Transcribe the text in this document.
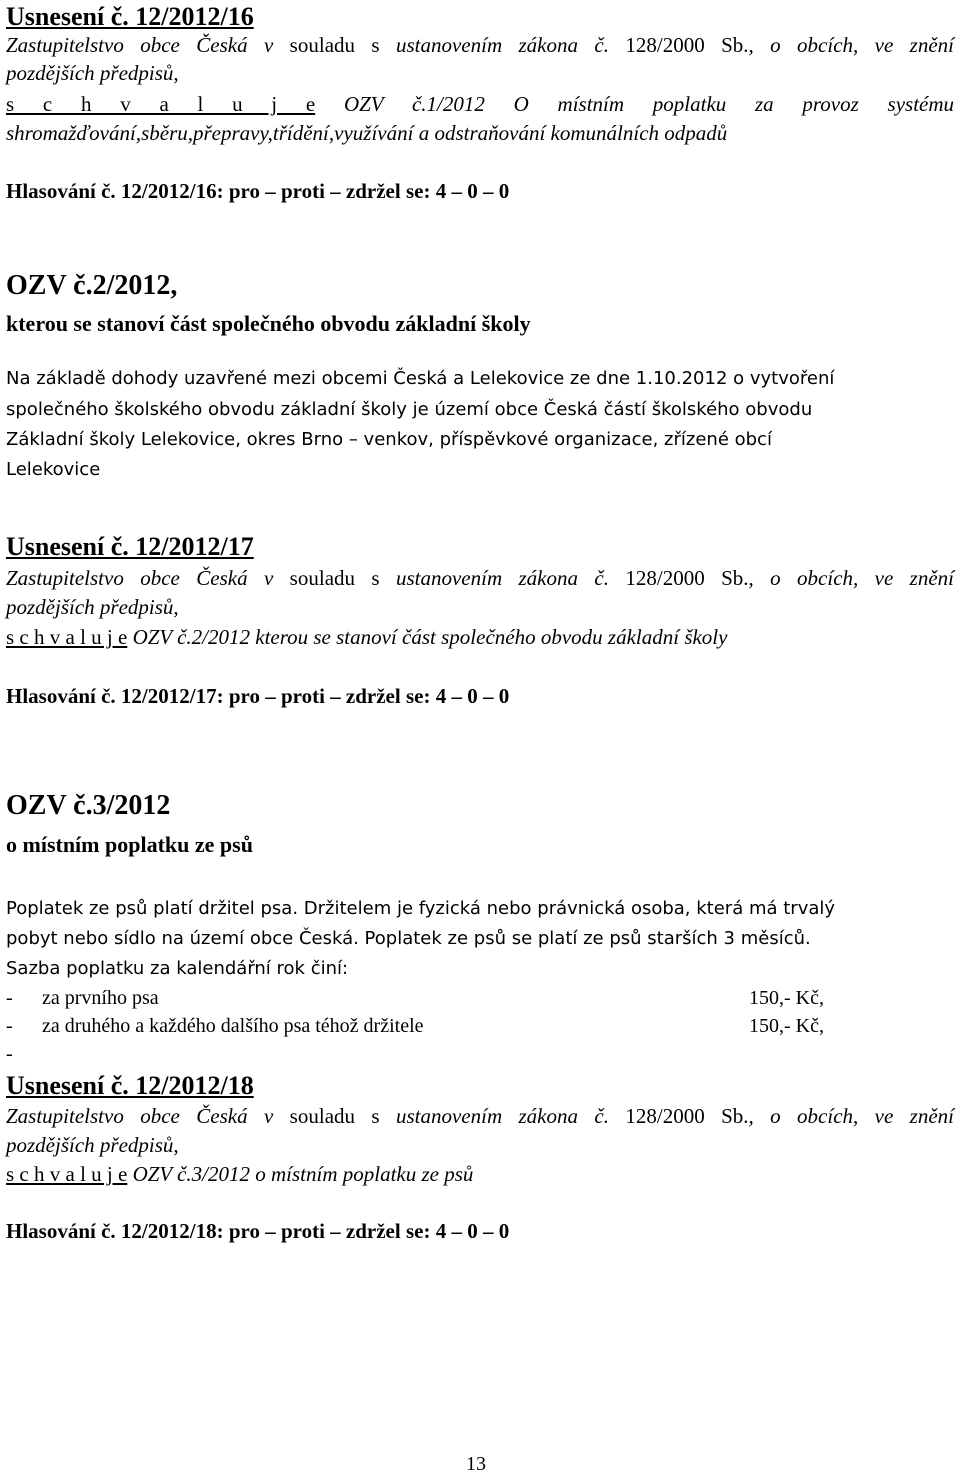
Usnesení č. 12/2012/16
Zastupitelstvo obce Česká v souladu s ustanovením zákona č. 128/2000 Sb., o obcích, ve znění
pozdějších předpisů,
s c h v a l u j e OZV č.1/2012 O místním poplatku za provoz systému
shromažďování,sběru,přepravy,třídění,využívání a odstraňování komunálních odpadů
Hlasování č. 12/2012/16: pro – proti – zdržel se: 4 – 0 – 0
OZV č.2/2012,
kterou se stanoví část společného obvodu základní školy
Na základě dohody uzavřené mezi obcemi Česká a Lelekovice ze dne 1.10.2012 o vytvoření
společného školského obvodu základní školy je území obce Česká částí školského obvodu
Základní školy Lelekovice, okres Brno – venkov, příspěvkové organizace, zřízené obcí
Lelekovice
Usnesení č. 12/2012/17
Zastupitelstvo obce Česká v souladu s ustanovením zákona č. 128/2000 Sb., o obcích, ve znění
pozdějších předpisů,
s c h v a l u j e OZV č.2/2012 kterou se stanoví část společného obvodu základní školy
Hlasování č. 12/2012/17: pro – proti – zdržel se: 4 – 0 – 0
OZV č.3/2012
o místním poplatku ze psů
Poplatek ze psů platí držitel psa. Držitelem je fyzická nebo právnická osoba, která má trvalý
pobyt nebo sídlo na území obce Česká. Poplatek ze psů se platí ze psů starších 3 měsíců.
Sazba poplatku za kalendářní rok činí:
- za prvního psa	150,- Kč,
- za druhého a každého dalšího psa téhož držitele	150,- Kč,
-
Usnesení č. 12/2012/18
Zastupitelstvo obce Česká v souladu s ustanovením zákona č. 128/2000 Sb., o obcích, ve znění
pozdějších předpisů,
s c h v a l u j e OZV č.3/2012 o místním poplatku ze psů
Hlasování č. 12/2012/18: pro – proti – zdržel se: 4 – 0 – 0
13
